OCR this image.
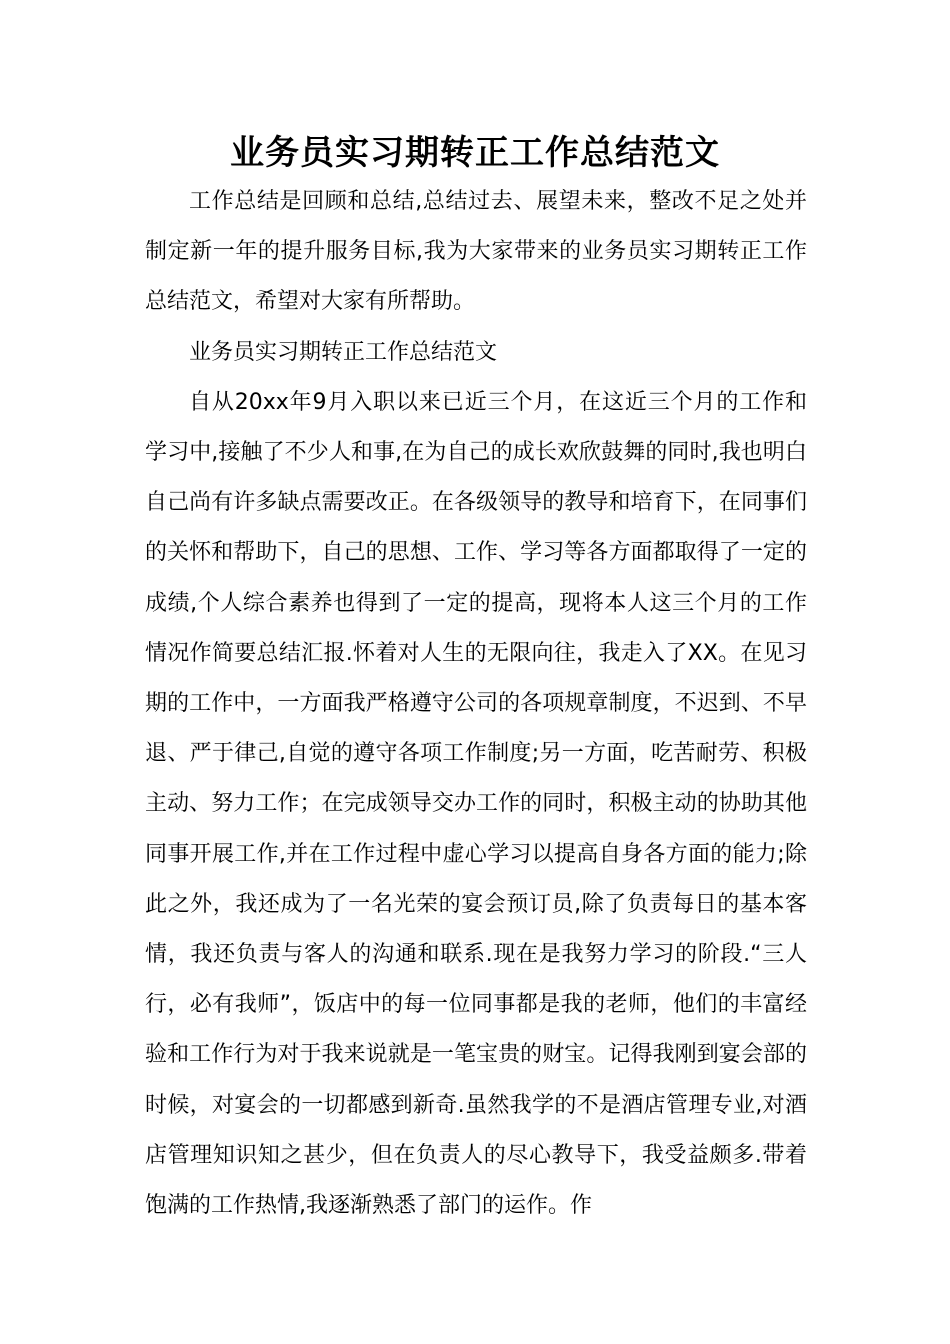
业务员实习期转正工作总结范文

工作总结是回顾和总结,总结过去、展望未来，整改不足之处并制定新一年的提升服务目标,我为大家带来的业务员实习期转正工作总结范文，希望对大家有所帮助。

业务员实习期转正工作总结范文

自从20xx年9月入职以来已近三个月，在这近三个月的工作和学习中,接触了不少人和事,在为自己的成长欢欣鼓舞的同时,我也明白自己尚有许多缺点需要改正。在各级领导的教导和培育下，在同事们的关怀和帮助下，自己的思想、工作、学习等各方面都取得了一定的成绩,个人综合素养也得到了一定的提高，现将本人这三个月的工作情况作简要总结汇报.怀着对人生的无限向往，我走入了XX。在见习期的工作中，一方面我严格遵守公司的各项规章制度，不迟到、不早退、严于律己,自觉的遵守各项工作制度;另一方面，吃苦耐劳、积极主动、努力工作；在完成领导交办工作的同时，积极主动的协助其他同事开展工作,并在工作过程中虚心学习以提高自身各方面的能力;除此之外，我还成为了一名光荣的宴会预订员,除了负责每日的基本客情，我还负责与客人的沟通和联系.现在是我努力学习的阶段.“三人行，必有我师”，饭店中的每一位同事都是我的老师，他们的丰富经验和工作行为对于我来说就是一笔宝贵的财宝。记得我刚到宴会部的时候，对宴会的一切都感到新奇.虽然我学的不是酒店管理专业,对酒店管理知识知之甚少，但在负责人的尽心教导下，我受益颇多.带着饱满的工作热情,我逐渐熟悉了部门的运作。作
